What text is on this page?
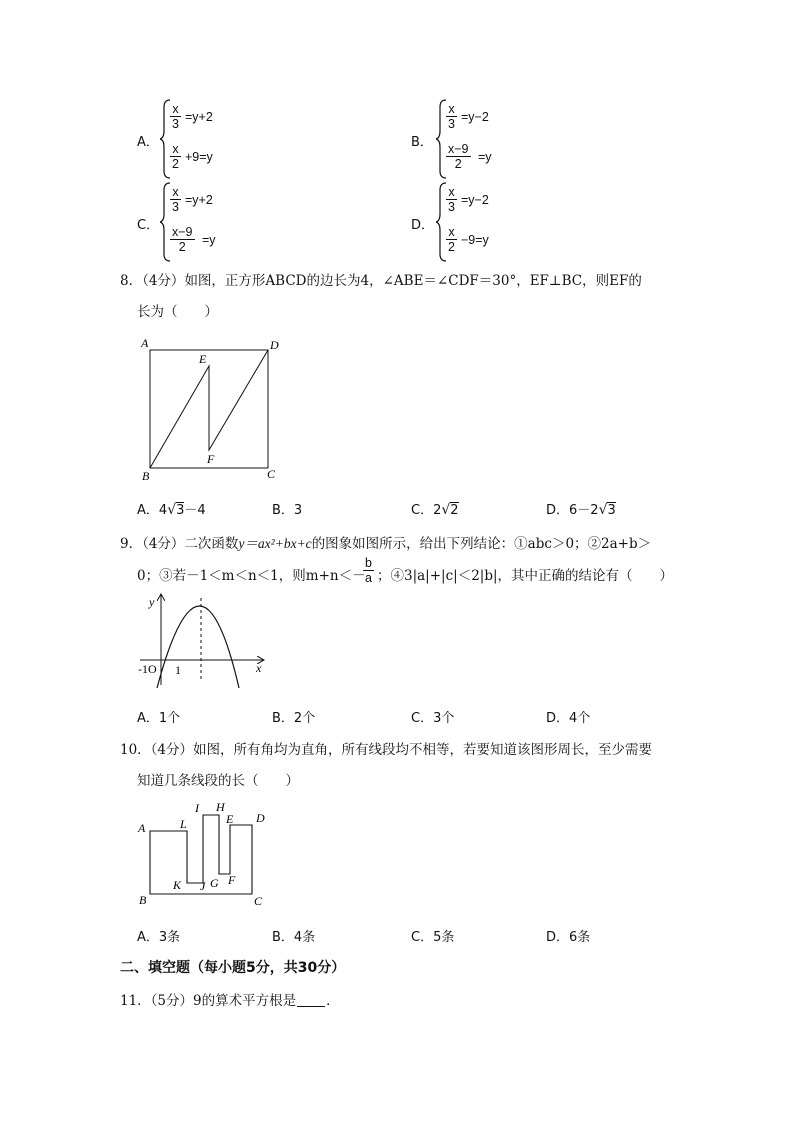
A．
$\frac{x}{3} =y+2$
$\frac{x}{2} +9=y$
B．
$\frac{x}{3} =y-2$
$\frac{x-9}{2} =y$
C．
$\frac{x}{3} =y+2$
$\frac{x-9}{2} =y$
D．
$\frac{x}{3} =y-2$
$\frac{x}{2} -9=y$
8．（4分）如图，正方形ABCD的边长为4，∠ABE＝∠CDF＝30°，EF⊥BC，则EF的
长为（　　）
A	D
E
B
F
C
A．4√3－4	B．3	C．2√2	D．6－2√3
9．（4分）二次函数y＝ax²+bx+c的图象如图所示，给出下列结论：①abc＞0；②2a+b＞
0；③若－1＜m＜n＜1，则m+n＜－
$\frac{b}{a}$ ；④3|a|+|c|＜2|b|，其中正确的结论有（　　）
y
x
-1O 1
A．1个	B．2个	C．3个	D．4个
10．（4分）如图，所有角均为直角，所有线段均不相等，若要知道该图形周长，至少需要
知道几条线段的长（　　）
A	L
I H
E D
B
K J G F
C
A．3条	B．4条	C．5条	D．6条
二、填空题（每小题5分，共30分）
11．（5分）9的算术平方根是 ．
